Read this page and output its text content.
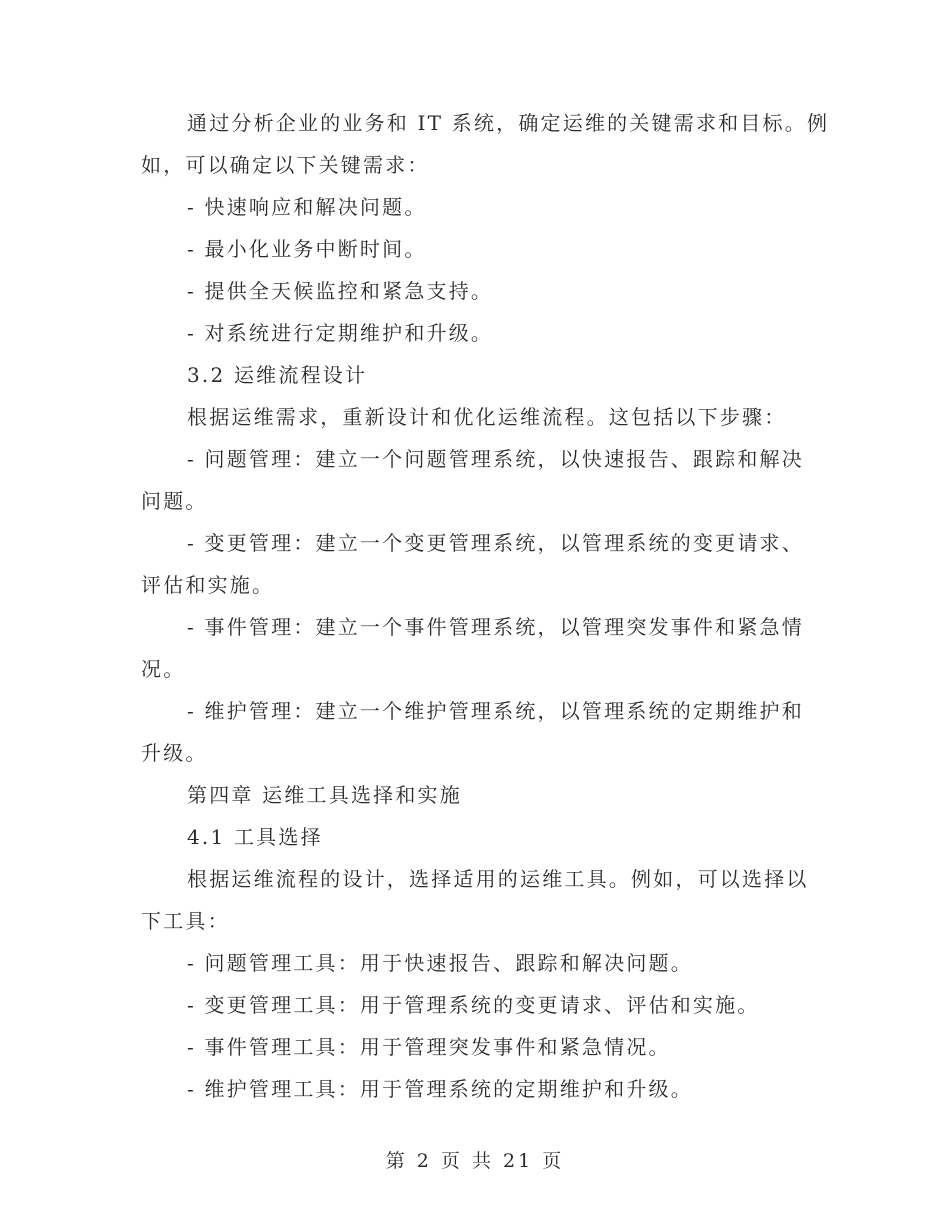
通过分析企业的业务和 IT 系统，确定运维的关键需求和目标。例
如，可以确定以下关键需求：
- 快速响应和解决问题。
- 最小化业务中断时间。
- 提供全天候监控和紧急支持。
- 对系统进行定期维护和升级。
3.2 运维流程设计
根据运维需求，重新设计和优化运维流程。这包括以下步骤：
- 问题管理：建立一个问题管理系统，以快速报告、跟踪和解决
问题。
- 变更管理：建立一个变更管理系统，以管理系统的变更请求、
评估和实施。
- 事件管理：建立一个事件管理系统，以管理突发事件和紧急情
况。
- 维护管理：建立一个维护管理系统，以管理系统的定期维护和
升级。
第四章 运维工具选择和实施
4.1 工具选择
根据运维流程的设计，选择适用的运维工具。例如，可以选择以
下工具：
- 问题管理工具：用于快速报告、跟踪和解决问题。
- 变更管理工具：用于管理系统的变更请求、评估和实施。
- 事件管理工具：用于管理突发事件和紧急情况。
- 维护管理工具：用于管理系统的定期维护和升级。
第 2 页 共 21 页
